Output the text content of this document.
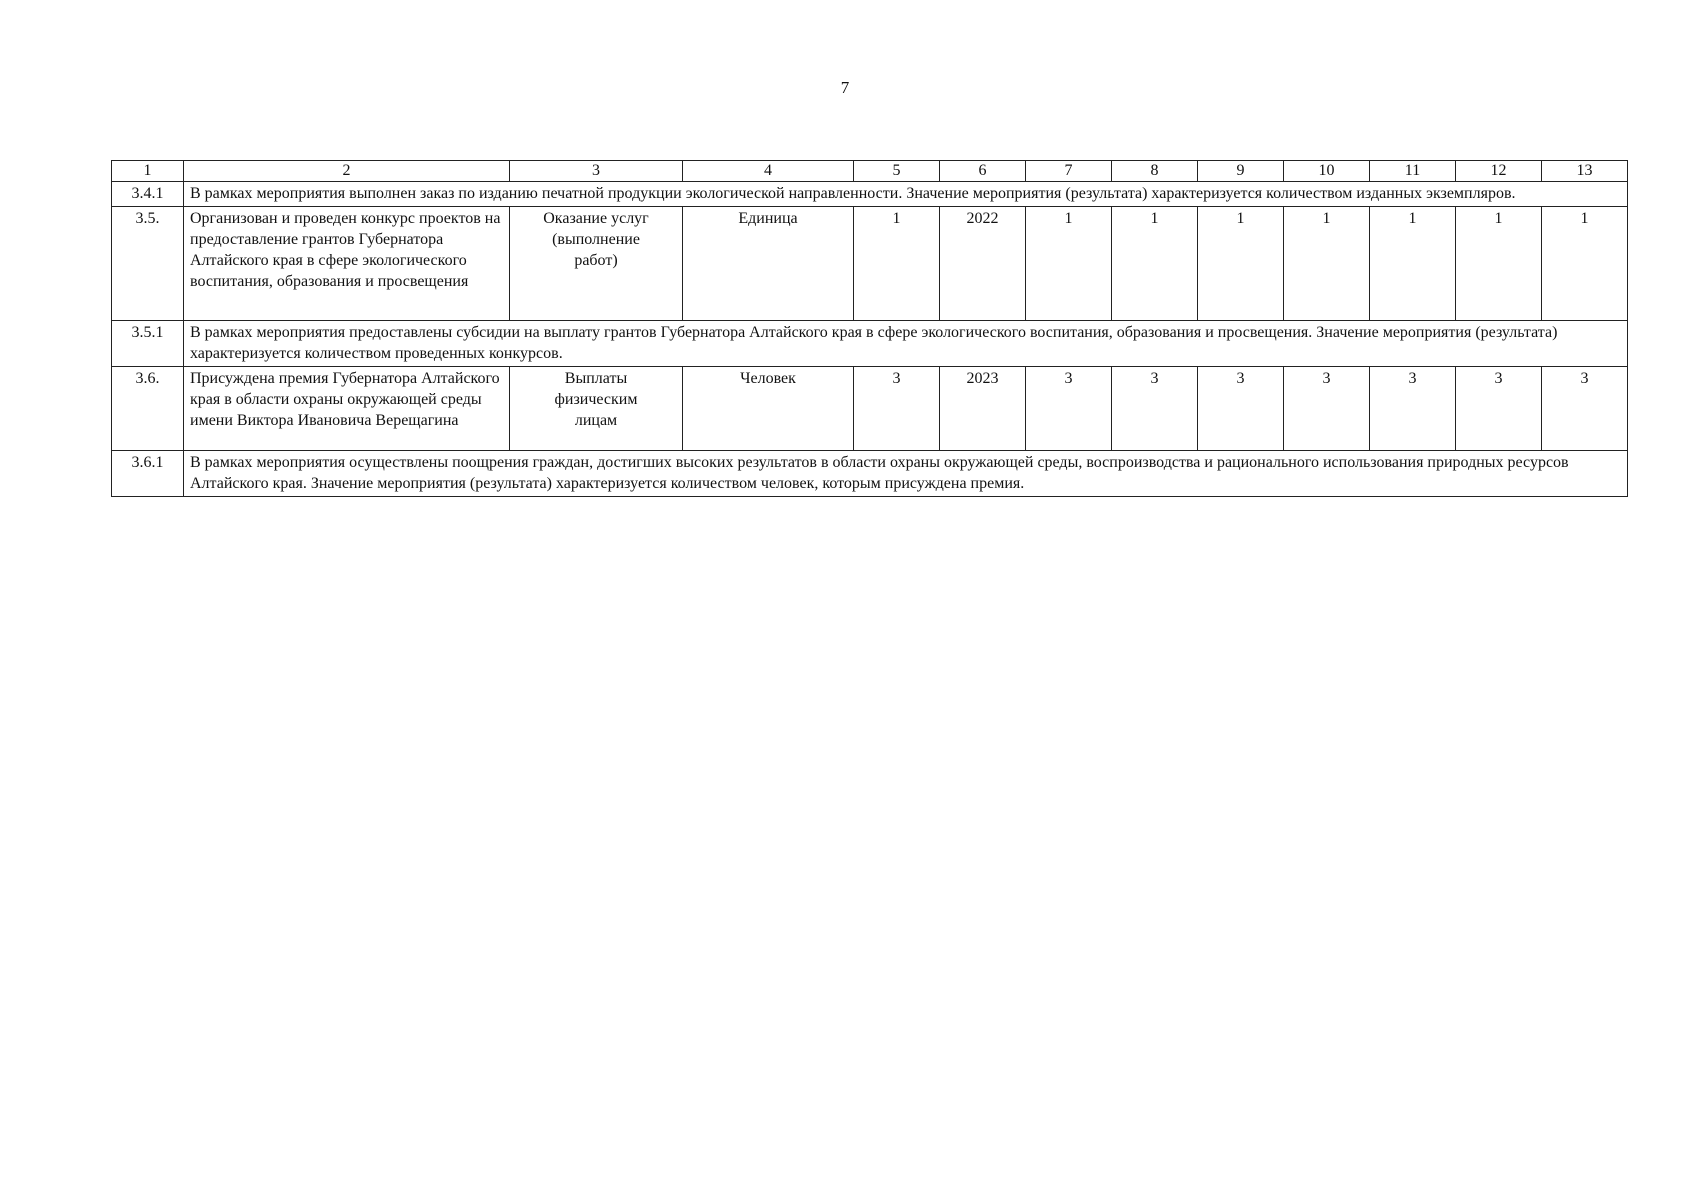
7
1	2	3	4	5	6	7	8	9	10	11	12	13
3.4.1	В рамках мероприятия выполнен заказ по изданию печатной продукции экологической направленности. Значение мероприятия (результата) характеризуется количеством изданных экземпляров.											
3.5.	Организован и проведен конкурс проектов на предоставление грантов Губернатора Алтайского края в сфере экологического воспитания, образования и просвещения	Оказание услуг (выполнение работ)	Единица	1	2022	1	1	1	1	1	1	1
3.5.1	В рамках мероприятия предоставлены субсидии на выплату грантов Губернатора Алтайского края в сфере экологического воспитания, образования и просвещения. Значение мероприятия (результата) характеризуется количеством проведенных конкурсов.											
3.6.	Присуждена премия Губернатора Алтайского края в области охраны окружающей среды имени Виктора Ивановича Верещагина	Выплаты физическим лицам	Человек	3	2023	3	3	3	3	3	3	3
3.6.1	В рамках мероприятия осуществлены поощрения граждан, достигших высоких результатов в области охраны окружающей среды, воспроизводства и рационального использования природных ресурсов Алтайского края. Значение мероприятия (результата) характеризуется количеством человек, которым присуждена премия.											
